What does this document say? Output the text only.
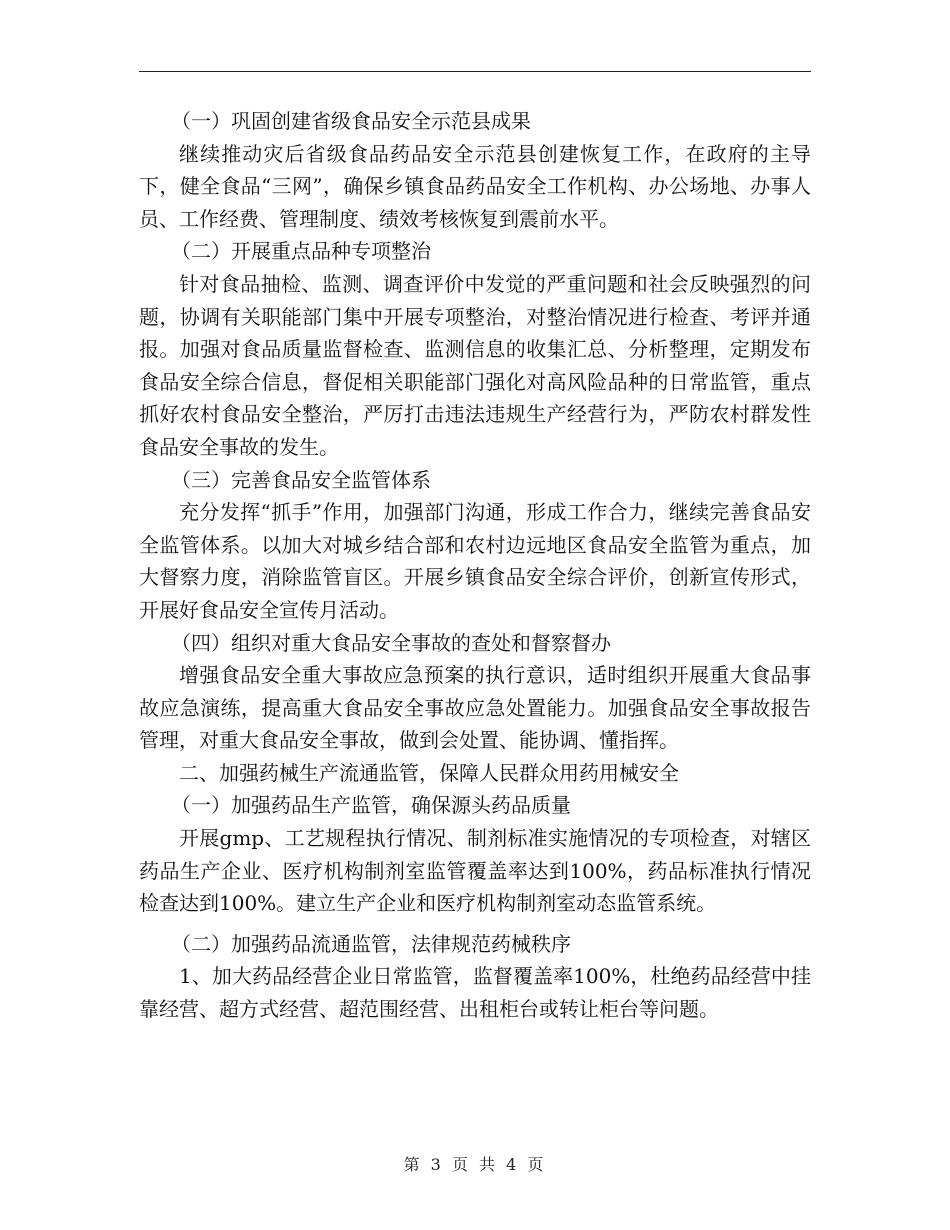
（一）巩固创建省级食品安全示范县成果

继续推动灾后省级食品药品安全示范县创建恢复工作，在政府的主导下，健全食品“三网”，确保乡镇食品药品安全工作机构、办公场地、办事人员、工作经费、管理制度、绩效考核恢复到震前水平。

（二）开展重点品种专项整治

针对食品抽检、监测、调查评价中发觉的严重问题和社会反映强烈的问题，协调有关职能部门集中开展专项整治，对整治情况进行检查、考评并通报。加强对食品质量监督检查、监测信息的收集汇总、分析整理，定期发布食品安全综合信息，督促相关职能部门强化对高风险品种的日常监管，重点抓好农村食品安全整治，严厉打击违法违规生产经营行为，严防农村群发性食品安全事故的发生。

（三）完善食品安全监管体系

充分发挥“抓手”作用，加强部门沟通，形成工作合力，继续完善食品安全监管体系。以加大对城乡结合部和农村边远地区食品安全监管为重点，加大督察力度，消除监管盲区。开展乡镇食品安全综合评价，创新宣传形式，开展好食品安全宣传月活动。

（四）组织对重大食品安全事故的查处和督察督办

增强食品安全重大事故应急预案的执行意识，适时组织开展重大食品事故应急演练，提高重大食品安全事故应急处置能力。加强食品安全事故报告管理，对重大食品安全事故，做到会处置、能协调、懂指挥。

二、加强药械生产流通监管，保障人民群众用药用械安全

（一）加强药品生产监管，确保源头药品质量

开展gmp、工艺规程执行情况、制剂标准实施情况的专项检查，对辖区药品生产企业、医疗机构制剂室监管覆盖率达到100%，药品标准执行情况检查达到100%。建立生产企业和医疗机构制剂室动态监管系统。

（二）加强药品流通监管，法律规范药械秩序

1、加大药品经营企业日常监管，监督覆盖率100%，杜绝药品经营中挂靠经营、超方式经营、超范围经营、出租柜台或转让柜台等问题。

第 3 页 共 4 页
